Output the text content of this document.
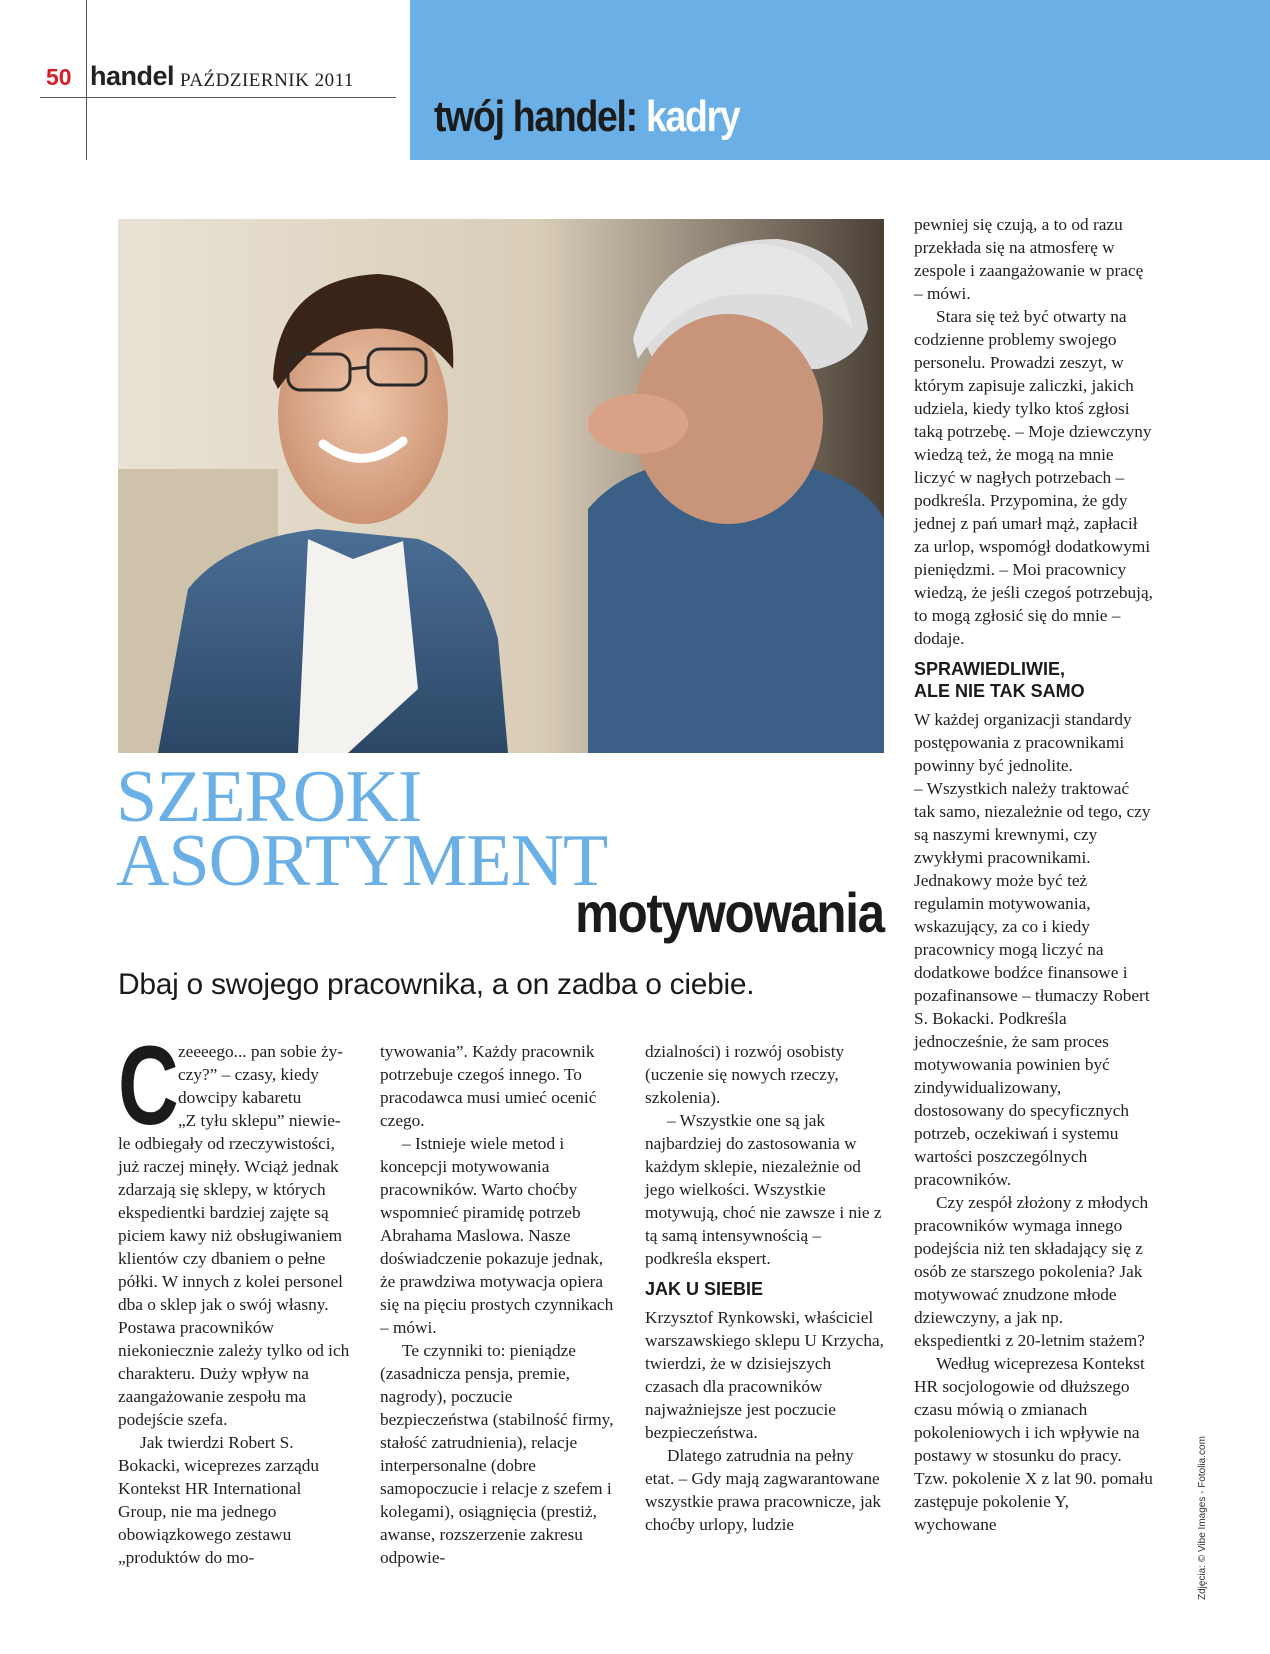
50 handel PAŹDZIERNIK 2011
twój handel: kadry
SZEROKI
ASORTYMENT
motywowania
Dbaj o swojego pracownika, a on zadba o ciebie.
C zeeeego... pan sobie ży-

czy?” – czasy, kiedy

dowcipy kabaretu

„Z tyłu sklepu” niewie-

le odbiegały od rzeczywistości, już raczej minęły. Wciąż jednak zdarzają się sklepy, w których ekspedientki bardziej zajęte są piciem kawy niż obsługiwaniem klientów czy dbaniem o pełne półki. W innych z kolei personel dba o sklep jak o swój własny. Postawa pracowników niekoniecznie zależy tylko od ich charakteru. Duży wpływ na zaangażowanie zespołu ma podejście szefa.

Jak twierdzi Robert S. Bokacki, wiceprezes zarządu Kontekst HR International Group, nie ma jednego obowiązkowego zestawu „produktów do mo-

tywowania”. Każdy pracownik potrzebuje czegoś innego. To pracodawca musi umieć ocenić czego.

– Istnieje wiele metod i koncepcji motywowania pracowników. Warto choćby wspomnieć piramidę potrzeb Abrahama Maslowa. Nasze doświadczenie pokazuje jednak, że prawdziwa motywacja opiera się na pięciu prostych czynnikach – mówi.

Te czynniki to: pieniądze (zasadnicza pensja, premie, nagrody), poczucie bezpieczeństwa (stabilność firmy, stałość zatrudnienia), relacje interpersonalne (dobre samopoczucie i relacje z szefem i kolegami), osiągnięcia (prestiż, awanse, rozszerzenie zakresu odpowie-

dzialności) i rozwój osobisty (uczenie się nowych rzeczy, szkolenia).

– Wszystkie one są jak najbardziej do zastosowania w każdym sklepie, niezależnie od jego wielkości. Wszystkie motywują, choć nie zawsze i nie z tą samą intensywnością – podkreśla ekspert.

JAK U SIEBIE

Krzysztof Rynkowski, właściciel warszawskiego sklepu U Krzycha, twierdzi, że w dzisiejszych czasach dla pracowników najważniejsze jest poczucie bezpieczeństwa.

Dlatego zatrudnia na pełny etat. – Gdy mają zagwarantowane wszystkie prawa pracownicze, jak choćby urlopy, ludzie

pewniej się czują, a to od razu przekłada się na atmosferę w zespole i zaangażowanie w pracę – mówi.

Stara się też być otwarty na codzienne problemy swojego personelu. Prowadzi zeszyt, w którym zapisuje zaliczki, jakich udziela, kiedy tylko ktoś zgłosi taką potrzebę. – Moje dziewczyny wiedzą też, że mogą na mnie liczyć w nagłych potrzebach – podkreśla. Przypomina, że gdy jednej z pań umarł mąż, zapłacił za urlop, wspomógł dodatkowymi pieniędzmi. – Moi pracownicy wiedzą, że jeśli czegoś potrzebują, to mogą zgłosić się do mnie – dodaje.

SPRAWIEDLIWIE,
ALE NIE TAK SAMO

W każdej organizacji standardy postępowania z pracownikami powinny być jednolite.

– Wszystkich należy traktować tak samo, niezależnie od tego, czy są naszymi krewnymi, czy zwykłymi pracownikami. Jednakowy może być też regulamin motywowania, wskazujący, za co i kiedy pracownicy mogą liczyć na dodatkowe bodźce finansowe i pozafinansowe – tłumaczy Robert S. Bokacki. Podkreśla jednocześnie, że sam proces motywowania powinien być zindywidualizowany, dostosowany do specyficznych potrzeb, oczekiwań i systemu wartości poszczególnych pracowników.

Czy zespół złożony z młodych pracowników wymaga innego podejścia niż ten składający się z osób ze starszego pokolenia? Jak motywować znudzone młode dziewczyny, a jak np. ekspedientki z 20-letnim stażem?

Według wiceprezesa Kontekst HR socjologowie od dłuższego czasu mówią o zmianach pokoleniowych i ich wpływie na postawy w stosunku do pracy. Tzw. pokolenie X z lat 90. pomału zastępuje pokolenie Y, wychowane	Zdjęcia: © Vibe Images - Fotolia.com
